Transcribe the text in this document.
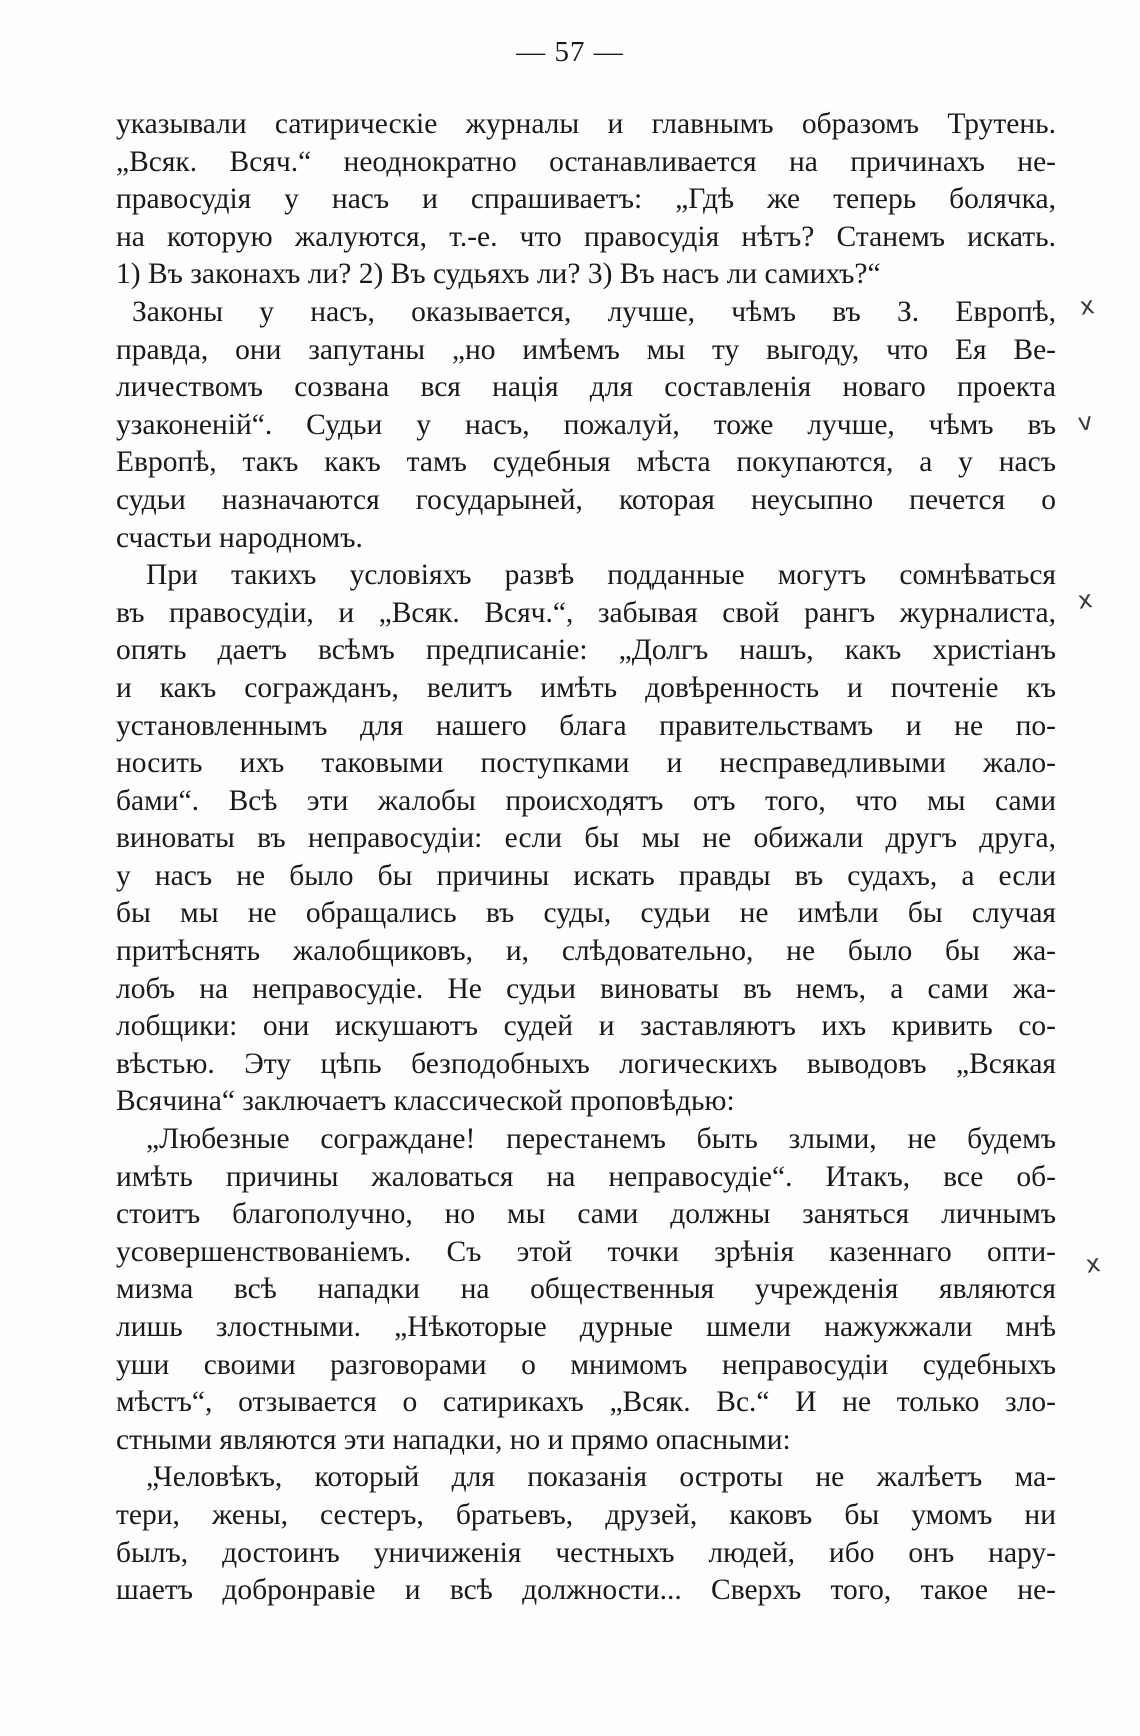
— 57 —
указывали сатирическіе журналы и главнымъ образомъ Трутень.
„Всяк. Всяч.“ неоднократно останавливается на причинахъ не-
правосудія у насъ и спрашиваетъ: „Гдѣ же теперь болячка,
на которую жалуются, т.-е. что правосудія нѣтъ? Станемъ искать.
1) Въ законахъ ли? 2) Въ судьяхъ ли? 3) Въ насъ ли самихъ?“
Законы у насъ, оказывается, лучше, чѣмъ въ З. Европѣ,
правда, они запутаны „но имѣемъ мы ту выгоду, что Ея Ве-
личествомъ созвана вся нація для составленія новаго проекта
узаконеній“. Судьи у насъ, пожалуй, тоже лучше, чѣмъ въ
Европѣ, такъ какъ тамъ судебныя мѣста покупаются, а у насъ
судьи назначаются государыней, которая неусыпно печется о
счастьи народномъ.
При такихъ условіяхъ развѣ подданные могутъ сомнѣваться
въ правосудіи, и „Всяк. Всяч.“, забывая свой рангъ журналиста,
опять даетъ всѣмъ предписаніе: „Долгъ нашъ, какъ христіанъ
и какъ согражданъ, велитъ имѣть довѣренность и почтеніе къ
установленнымъ для нашего блага правительствамъ и не по-
носить ихъ таковыми поступками и несправедливыми жало-
бами“. Всѣ эти жалобы происходятъ отъ того, что мы сами
виноваты въ неправосудіи: если бы мы не обижали другъ друга,
у насъ не было бы причины искать правды въ судахъ, а если
бы мы не обращались въ суды, судьи не имѣли бы случая
притѣснять жалобщиковъ, и, слѣдовательно, не было бы жа-
лобъ на неправосудіе. Не судьи виноваты въ немъ, а сами жа-
лобщики: они искушаютъ судей и заставляютъ ихъ кривить со-
вѣстью. Эту цѣпь безподобныхъ логическихъ выводовъ „Всякая
Всячина“ заключаетъ классической проповѣдью:
„Любезные сограждане! перестанемъ быть злыми, не будемъ
имѣть причины жаловаться на неправосудіе“. Итакъ, все об-
стоитъ благополучно, но мы сами должны заняться личнымъ
усовершенствованіемъ. Съ этой точки зрѣнія казеннаго опти-
мизма всѣ нападки на общественныя учрежденія являются
лишь злостными. „Нѣкоторые дурные шмели нажужжали мнѣ
уши своими разговорами о мнимомъ неправосудіи судебныхъ
мѣстъ“, отзывается о сатирикахъ „Всяк. Вс.“ И не только зло-
стными являются эти нападки, но и прямо опасными:
„Человѣкъ, который для показанія остроты не жалѣетъ ма-
тери, жены, сестеръ, братьевъ, друзей, каковъ бы умомъ ни
былъ, достоинъ уничиженія честныхъ людей, ибо онъ нару-
шаетъ добронравіе и всѣ должности... Сверхъ того, такое не-
x
v
x
x
